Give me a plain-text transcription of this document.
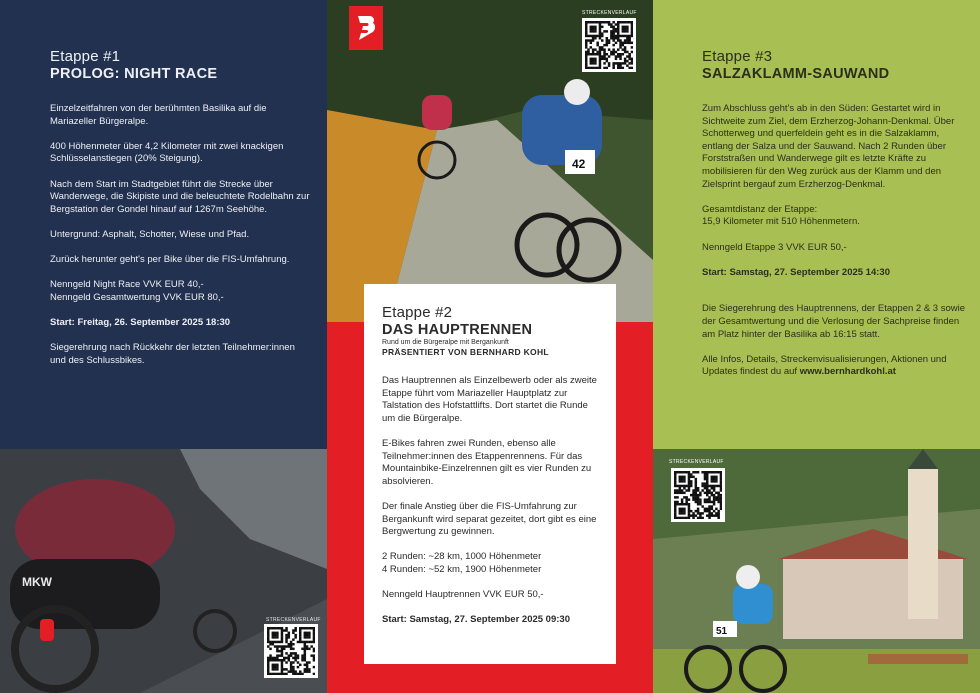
Etappe #1
PROLOG: NIGHT RACE

Einzelzeitfahren von der berühmten Basilika auf die Mariazeller Bürgeralpe.

400 Höhenmeter über 4,2 Kilometer mit zwei knackigen Schlüsselanstiegen (20% Steigung).

Nach dem Start im Stadtgebiet führt die Strecke über Wanderwege, die Skipiste und die beleuchtete Rodelbahn zur Bergstation der Gondel hinauf auf 1267m Seehöhe.

Untergrund: Asphalt, Schotter, Wiese und Pfad.

Zurück herunter geht's per Bike über die FIS-Umfahrung.

Nenngeld Night Race VVK EUR 40,-

Nenngeld Gesamtwertung VVK EUR 80,-

Start: Freitag, 26. September 2025 18:30

Siegerehrung nach Rückkehr der letzten Teilnehmer:innen und des Schlussbikes.

MKW
STRECKENVERLAUF
42
STRECKENVERLAUF
Etappe #2
DAS HAUPTRENNEN
Rund um die Bürgeralpe mit Bergankunft
PRÄSENTIERT VON BERNHARD KOHL

Das Hauptrennen als Einzelbewerb oder als zweite Etappe führt vom Mariazeller Hauptplatz zur Talstation des Hofstattlifts. Dort startet die Runde um die Bürgeralpe.

E-Bikes fahren zwei Runden, ebenso alle Teilnehmer:innen des Etappenrennens. Für das Mountainbike-Einzelrennen gilt es vier Runden zu absolvieren.

Der finale Anstieg über die FIS-Umfahrung zur Bergankunft wird separat gezeitet, dort gibt es eine Bergwertung zu gewinnen.

2 Runden: ~28 km, 1000 Höhenmeter

4 Runden: ~52 km, 1900 Höhenmeter

Nenngeld Hauptrennen VVK EUR 50,-

Start: Samstag, 27. September 2025 09:30

Etappe #3
SALZAKLAMM-SAUWAND

Zum Abschluss geht's ab in den Süden: Gestartet wird in Sichtweite zum Ziel, dem Erzherzog-Johann-Denkmal. Über Schotterweg und querfeldein geht es in die Salzaklamm, entlang der Salza und der Sauwand. Nach 2 Runden über Forststraßen und Wanderwege gilt es letzte Kräfte zu mobilisieren für den Weg zurück aus der Klamm und den Zielsprint bergauf zum Erzherzog-Denkmal.

Gesamtdistanz der Etappe:

15,9 Kilometer mit 510 Höhenmetern.

Nenngeld Etappe 3 VVK EUR 50,-

Start: Samstag, 27. September 2025 14:30

Die Siegerehrung des Hauptrennens, der Etappen 2 & 3 sowie der Gesamtwertung und die Verlosung der Sachpreise finden am Platz hinter der Basilika ab 16:15 statt.

Alle Infos, Details, Streckenvisualisierungen, Aktionen und Updates findest du auf www.bernhardkohl.at

51
STRECKENVERLAUF
